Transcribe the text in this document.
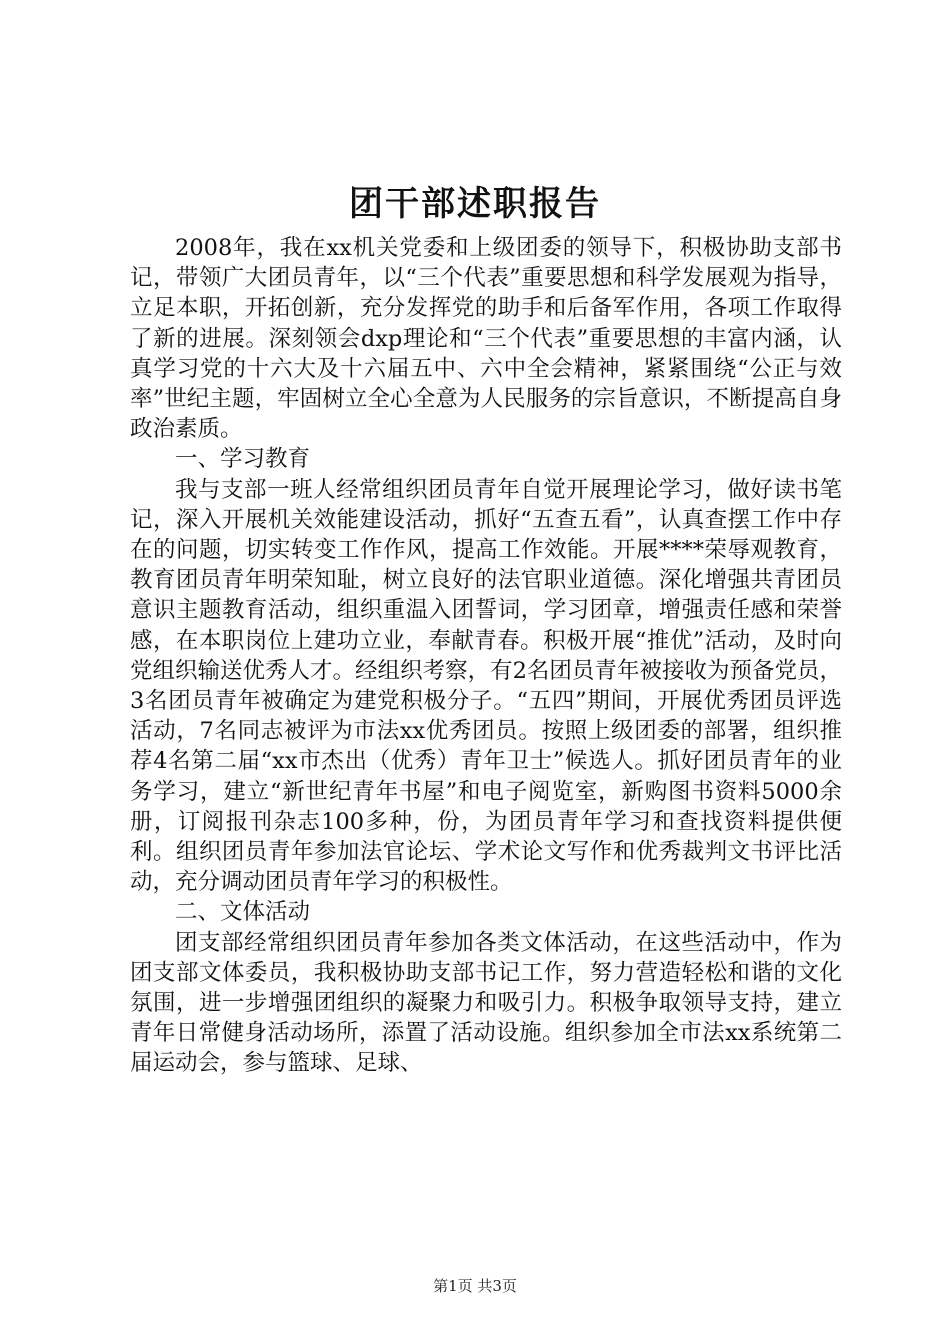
团干部述职报告

2008年，我在xx机关党委和上级团委的领导下，积极协助支部书记，带领广大团员青年，以“三个代表”重要思想和科学发展观为指导，立足本职，开拓创新，充分发挥党的助手和后备军作用，各项工作取得了新的进展。深刻领会dxp理论和“三个代表”重要思想的丰富内涵，认真学习党的十六大及十六届五中、六中全会精神，紧紧围绕“公正与效率”世纪主题，牢固树立全心全意为人民服务的宗旨意识，不断提高自身政治素质。

一、学习教育

我与支部一班人经常组织团员青年自觉开展理论学习，做好读书笔记，深入开展机关效能建设活动，抓好“五查五看”，认真查摆工作中存在的问题，切实转变工作作风，提高工作效能。开展****荣辱观教育，教育团员青年明荣知耻，树立良好的法官职业道德。深化增强共青团员意识主题教育活动，组织重温入团誓词，学习团章，增强责任感和荣誉感，在本职岗位上建功立业，奉献青春。积极开展“推优”活动，及时向党组织输送优秀人才。经组织考察，有2名团员青年被接收为预备党员，3名团员青年被确定为建党积极分子。“五四”期间，开展优秀团员评选活动，7名同志被评为市法xx优秀团员。按照上级团委的部署，组织推荐4名第二届“xx市杰出（优秀）青年卫士”候选人。抓好团员青年的业务学习，建立“新世纪青年书屋”和电子阅览室，新购图书资料5000余册，订阅报刊杂志100多种，份，为团员青年学习和查找资料提供便利。组织团员青年参加法官论坛、学术论文写作和优秀裁判文书评比活动，充分调动团员青年学习的积极性。

二、文体活动

团支部经常组织团员青年参加各类文体活动，在这些活动中，作为团支部文体委员，我积极协助支部书记工作，努力营造轻松和谐的文化氛围，进一步增强团组织的凝聚力和吸引力。积极争取领导支持，建立青年日常健身活动场所，添置了活动设施。组织参加全市法xx系统第二届运动会，参与篮球、足球、

第1页 共3页
